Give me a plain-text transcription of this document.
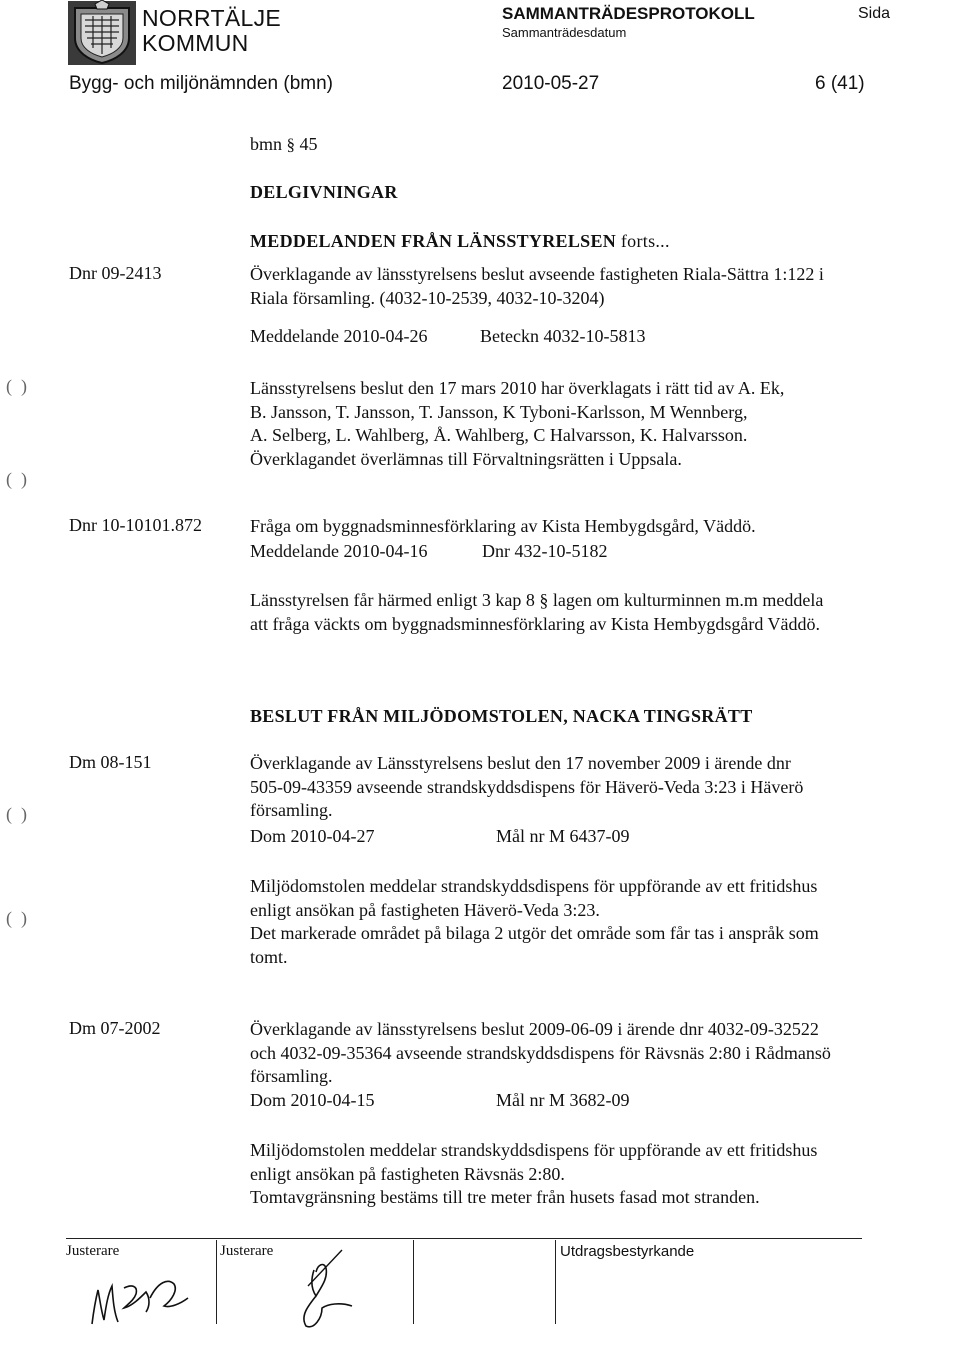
NORRTÄLJE
KOMMUN
SAMMANTRÄDESPROTOKOLL
Sammanträdesdatum
Sida
Bygg- och miljönämnden (bmn)	2010-05-27	6 (41)
bmn § 45
DELGIVNINGAR
MEDDELANDEN FRÅN LÄNSSTYRELSEN forts...
Dnr 09-2413	Överklagande av länsstyrelsens beslut avseende fastigheten Riala-Sättra 1:122 i
Riala församling. (4032-10-2539, 4032-10-3204)
Meddelande 2010-04-26	Beteckn 4032-10-5813
Länsstyrelsens beslut den 17 mars 2010 har överklagats i rätt tid av A. Ek,
B. Jansson, T. Jansson, T. Jansson, K Tyboni-Karlsson, M Wennberg,
A. Selberg, L. Wahlberg, Å. Wahlberg, C Halvarsson, K. Halvarsson.
Överklagandet överlämnas till Förvaltningsrätten i Uppsala.
Dnr 10-10101.872	Fråga om byggnadsminnesförklaring av Kista Hembygdsgård, Väddö.
Meddelande 2010-04-16	Dnr 432-10-5182
Länsstyrelsen får härmed enligt 3 kap 8 § lagen om kulturminnen m.m meddela
att fråga väckts om byggnadsminnesförklaring av Kista Hembygdsgård Väddö.
BESLUT FRÅN MILJÖDOMSTOLEN, NACKA TINGSRÄTT
Dm 08-151	Överklagande av Länsstyrelsens beslut den 17 november 2009 i ärende dnr
505-09-43359 avseende strandskyddsdispens för Häverö-Veda 3:23 i Häverö
församling.
Dom 2010-04-27	Mål nr M 6437-09
Miljödomstolen meddelar strandskyddsdispens för uppförande av ett fritidshus
enligt ansökan på fastigheten Häverö-Veda 3:23.
Det markerade området på bilaga 2 utgör det område som får tas i anspråk som
tomt.
Dm 07-2002	Överklagande av länsstyrelsens beslut 2009-06-09 i ärende dnr 4032-09-32522
och 4032-09-35364 avseende strandskyddsdispens för Rävsnäs 2:80 i Rådmansö
församling.
Dom 2010-04-15	Mål nr M 3682-09
Miljödomstolen meddelar strandskyddsdispens för uppförande av ett fritidshus
enligt ansökan på fastigheten Rävsnäs 2:80.
Tomtavgränsning bestäms till tre meter från husets fasad mot stranden.
(  )
(  )
(  )
(  )
Justerare	Justerare	Utdragsbestyrkande
